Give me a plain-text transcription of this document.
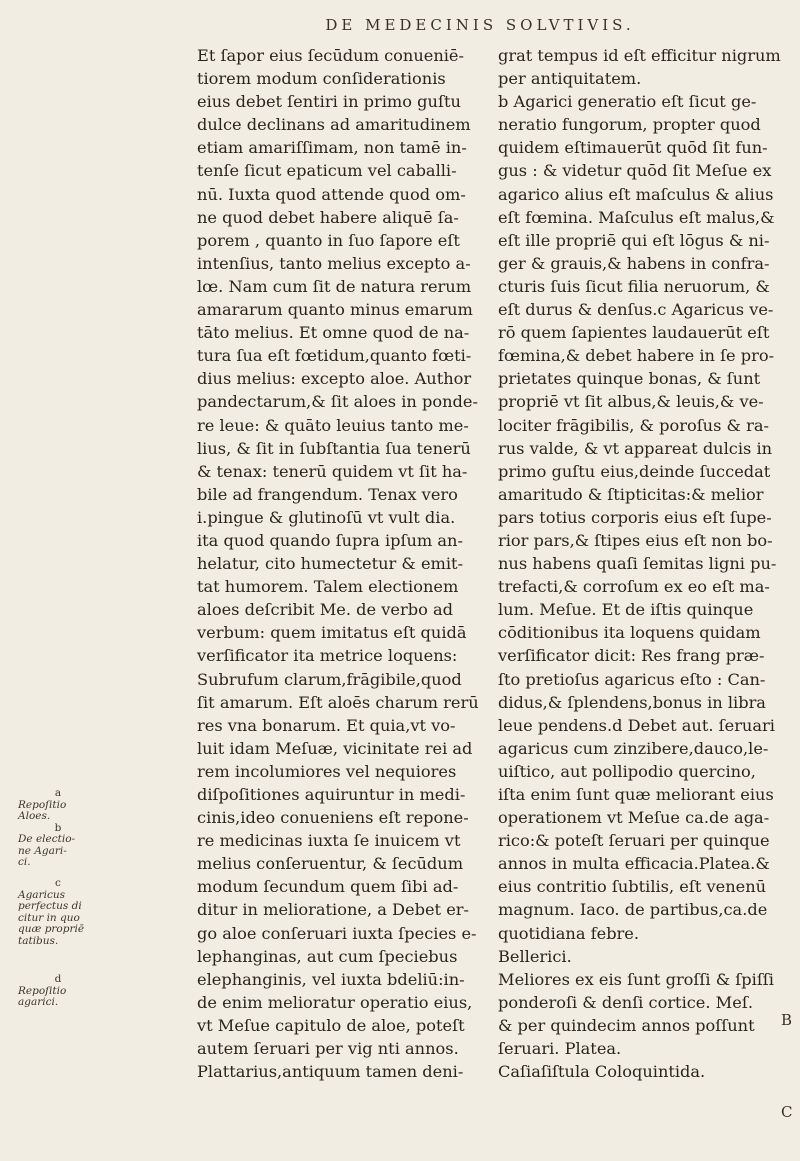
DE MEDECINIS SOLVTIVIS.
Et ſapor eius ſecūdum conueniē-
tiorem modum conſiderationis
eius debet ſentiri in primo guſtu
dulce declinans ad amaritudinem
etiam amariſſimam, non tamē in-
tenſe ſicut epaticum vel caballi-
nū. Iuxta quod attende quod om-
ne quod debet habere aliquē ſa-
porem , quanto in ſuo ſapore eſt
intenſius, tanto melius excepto a-
lœ. Nam cum ſit de natura rerum
amararum quanto minus emarum
tāto melius. Et omne quod de na-
tura ſua eſt fœtidum,quanto fœti-
dius melius: excepto aloe. Author
pandectarum,& ſit aloes in ponde-
re leue: & quāto leuius tanto me-
lius, & ſit in ſubſtantia ſua tenerū
& tenax: tenerū quidem vt ſit ha-
bile ad frangendum. Tenax vero
i.pingue & glutinoſū vt vult dia.
ita quod quando ſupra ipſum an-
helatur, cito humectetur & emit-
tat humorem. Talem electionem
aloes deſcribit Me. de verbo ad
verbum: quem imitatus eſt quidā
verſificator ita metrice loquens:
Subrufum clarum,frāgibile,quod
ſit amarum. Eſt aloēs charum rerū
res vna bonarum. Et quia,vt vo-
luit idam Meſuæ, vicinitate rei ad
rem incolumiores vel nequiores
diſpoſitiones aquiruntur in medi-
cinis,ideo conueniens eſt repone-
re medicinas iuxta ſe inuicem vt
melius conſeruentur, & ſecūdum
modum ſecundum quem ſibi ad-
ditur in melioratione, a Debet er-
go aloe conſeruari iuxta ſpecies e-
lephanginas, aut cum ſpeciebus
elephanginis, vel iuxta bdeliū:in-
de enim melioratur operatio eius,
vt Meſue capitulo de aloe, poteſt
autem ſeruari per vig nti annos.
Plattarius,antiquum tamen deni-
grat tempus id eſt efficitur nigrum
per antiquitatem.
b Agarici generatio eſt ſicut ge-
neratio fungorum, propter quod
quidem eſtimauerūt quōd ſit fun-
gus : & videtur quōd ſit Meſue ex
agarico alius eſt maſculus & alius
eſt fœmina. Maſculus eſt malus,&
eſt ille propriē qui eſt lōgus & ni-
ger & grauis,& habens in confra-
cturis ſuis ſicut filia neruorum, &
eſt durus & denſus.c Agaricus ve-
rō quem ſapientes laudauerūt eſt
fœmina,& debet habere in ſe pro-
prietates quinque bonas, & ſunt
propriē vt ſit albus,& leuis,& ve-
lociter frāgibilis, & poroſus & ra-
rus valde, & vt appareat dulcis in
primo guſtu eius,deinde ſuccedat
amaritudo & ſtipticitas:& melior
pars totius corporis eius eſt ſupe-
rior pars,& ſtipes eius eſt non bo-
nus habens quaſi ſemitas ligni pu-
trefacti,& corroſum ex eo eſt ma-
lum. Meſue. Et de iſtis quinque
cōditionibus ita loquens quidam
verſificator dicit: Res frang præ-
ſto pretioſus agaricus eſto : Can-
didus,& ſplendens,bonus in libra
leue pendens.d Debet aut. ſeruari
agaricus cum zinzibere,dauco,le-
uiſtico, aut pollipodio quercino,
iſta enim ſunt quæ meliorant eius
operationem vt Meſue ca.de aga-
rico:& poteſt ſeruari per quinque
annos in multa efficacia.Platea.&
eius contritio ſubtilis, eſt venenū
magnum. Iaco. de partibus,ca.de
quotidiana febre.
Bellerici.
Meliores ex eis ſunt groſſi & ſpiſſi
ponderoſi & denſi cortice. Meſ.
& per quindecim annos poſſunt
ſeruari. Platea.
Caſiaſiſtula Coloquintida.
a
Repoſitio
Aloes.
b
De electio-
ne Agari-
ci.
c
Agaricus
perfectus di
citur in quo
quæ propriē
tatibus.
d
Repoſitio
agarici.
B
C
